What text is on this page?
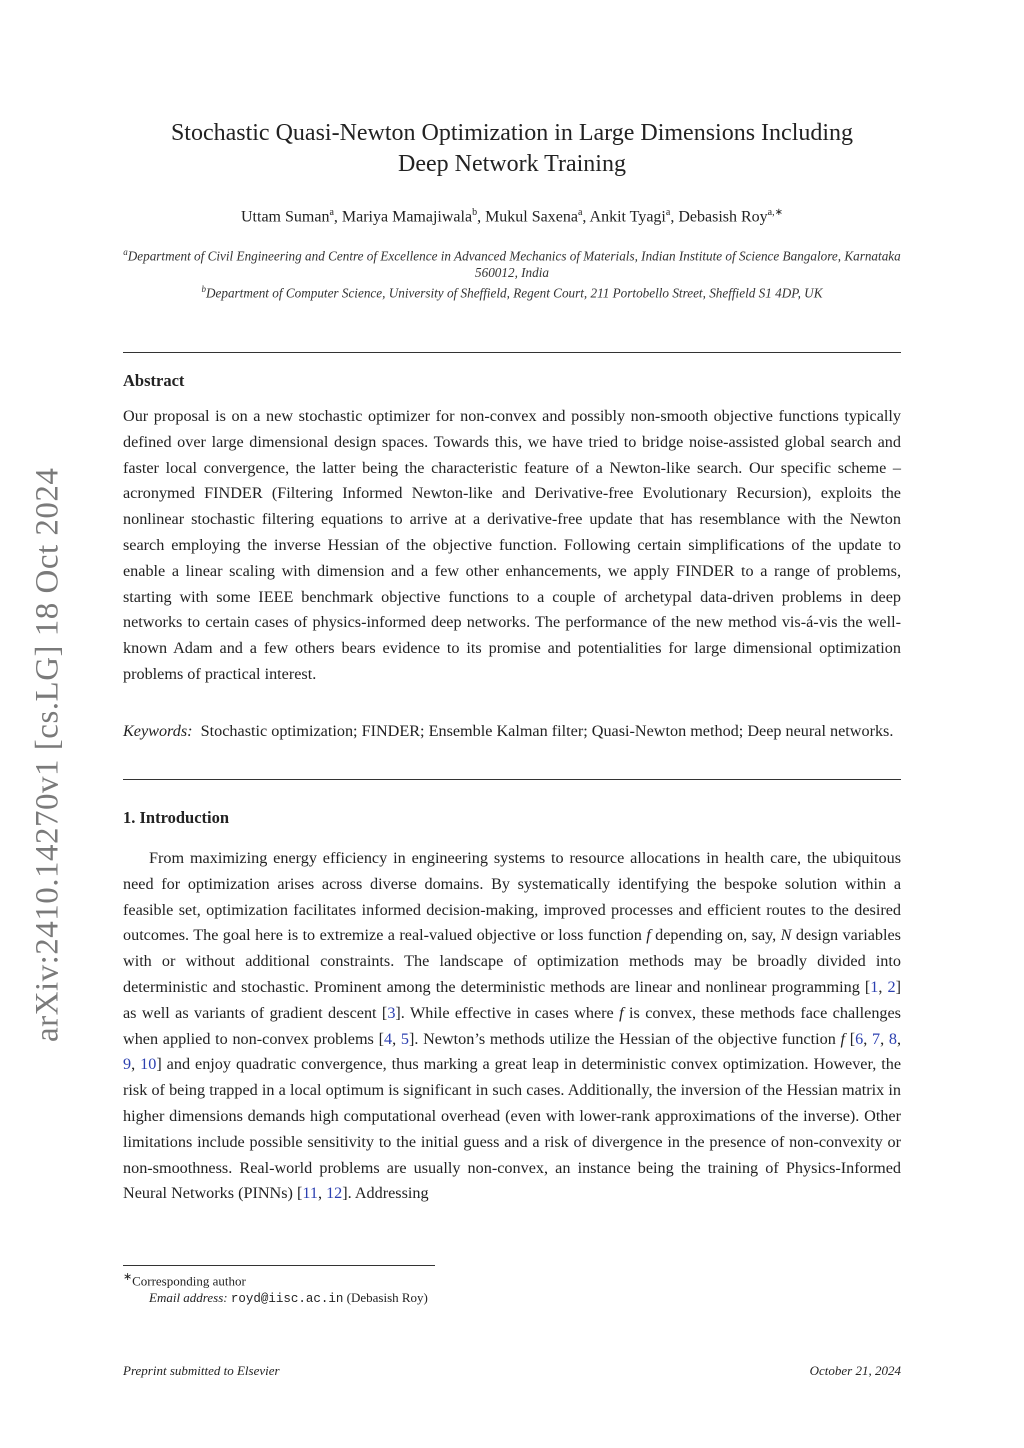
arXiv:2410.14270v1 [cs.LG] 18 Oct 2024
Stochastic Quasi-Newton Optimization in Large Dimensions Including
Deep Network Training
Uttam Suman$^a$, Mariya Mamajiwala$^b$, Mukul Saxena$^a$, Ankit Tyagi$^a$, Debasish Roy$^{a,∗}$
$^a$Department of Civil Engineering and Centre of Excellence in Advanced Mechanics of Materials, Indian Institute of Science Bangalore, Karnataka 560012, India
$^b$Department of Computer Science, University of Sheffield, Regent Court, 211 Portobello Street, Sheffield S1 4DP, UK
Abstract
Our proposal is on a new stochastic optimizer for non-convex and possibly non-smooth objective functions typically defined over large dimensional design spaces. Towards this, we have tried to bridge noise-assisted global search and faster local convergence, the latter being the characteristic feature of a Newton-like search. Our specific scheme – acronymed FINDER (Filtering Informed Newton-like and Derivative-free Evolutionary Recursion), exploits the nonlinear stochastic filtering equations to arrive at a derivative-free update that has resemblance with the Newton search employing the inverse Hessian of the objective function. Following certain simplifications of the update to enable a linear scaling with dimension and a few other enhancements, we apply FINDER to a range of problems, starting with some IEEE benchmark objective functions to a couple of archetypal data-driven problems in deep networks to certain cases of physics-informed deep networks. The performance of the new method vis-á-vis the well-known Adam and a few others bears evidence to its promise and potentialities for large dimensional optimization problems of practical interest.
Keywords: Stochastic optimization; FINDER; Ensemble Kalman filter; Quasi-Newton method; Deep neural networks.
1. Introduction
From maximizing energy efficiency in engineering systems to resource allocations in health care, the ubiquitous need for optimization arises across diverse domains. By systematically identifying the bespoke solution within a feasible set, optimization facilitates informed decision-making, improved processes and efficient routes to the desired outcomes. The goal here is to extremize a real-valued objective or loss function f depending on, say, N design variables with or without additional constraints. The landscape of optimization methods may be broadly divided into deterministic and stochastic. Prominent among the deterministic methods are linear and nonlinear programming [1, 2] as well as variants of gradient descent [3]. While effective in cases where f is convex, these methods face challenges when applied to non-convex problems [4, 5]. Newton’s methods utilize the Hessian of the objective function f [6, 7, 8, 9, 10] and enjoy quadratic convergence, thus marking a great leap in deterministic convex optimization. However, the risk of being trapped in a local optimum is significant in such cases. Additionally, the inversion of the Hessian matrix in higher dimensions demands high computational overhead (even with lower-rank approximations of the inverse). Other limitations include possible sensitivity to the initial guess and a risk of divergence in the presence of non-convexity or non-smoothness. Real-world problems are usually non-convex, an instance being the training of Physics-Informed Neural Networks (PINNs) [11, 12]. Addressing
∗Corresponding author
Email address: royd@iisc.ac.in (Debasish Roy)
Preprint submitted to Elsevier	October 21, 2024
